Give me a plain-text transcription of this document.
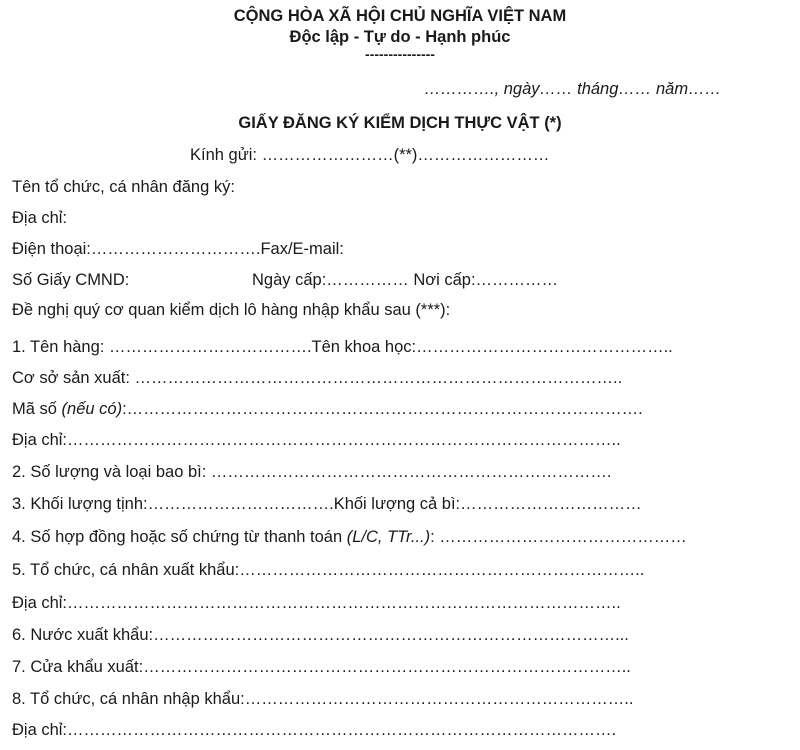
CỘNG HÒA XÃ HỘI CHỦ NGHĨA VIỆT NAM
Độc lập - Tự do - Hạnh phúc
---------------
…………., ngày…… tháng…… năm……
GIẤY ĐĂNG KÝ KIỂM DỊCH THỰC VẬT (*)
Kính gửi: ……………………(**)……………………
Tên tổ chức, cá nhân đăng ký:
Địa chỉ:
Điện thoại:………………………….Fax/E-mail:
Số Giấy CMND:	Ngày cấp:…………… Nơi cấp:……………
Đề nghị quý cơ quan kiểm dịch lô hàng nhập khẩu sau (***):
1. Tên hàng: ……………………………….Tên khoa học:………………………………………..
Cơ sở sản xuất: ……………………………………………………………………………..
Mã số (nếu có):………………………………………………………………………………….
Địa chỉ:………………………………………………………………………………………..
2. Số lượng và loại bao bì: ……………………………………………………………….
3. Khối lượng tịnh:…………………………….Khối lượng cả bì:……………………………
4. Số hợp đồng hoặc số chứng từ thanh toán (L/C, TTr...): ………………………………………
5. Tổ chức, cá nhân xuất khẩu:………………………………………………………………..
Địa chỉ:………………………………………………………………………………………..
6. Nước xuất khẩu:…………………………………………………………………………...
7. Cửa khẩu xuất:……………………………………………………………………………..
8. Tổ chức, cá nhân nhập khẩu:……………………………………………………………..
Địa chỉ:……………………………………………………………………………………….
